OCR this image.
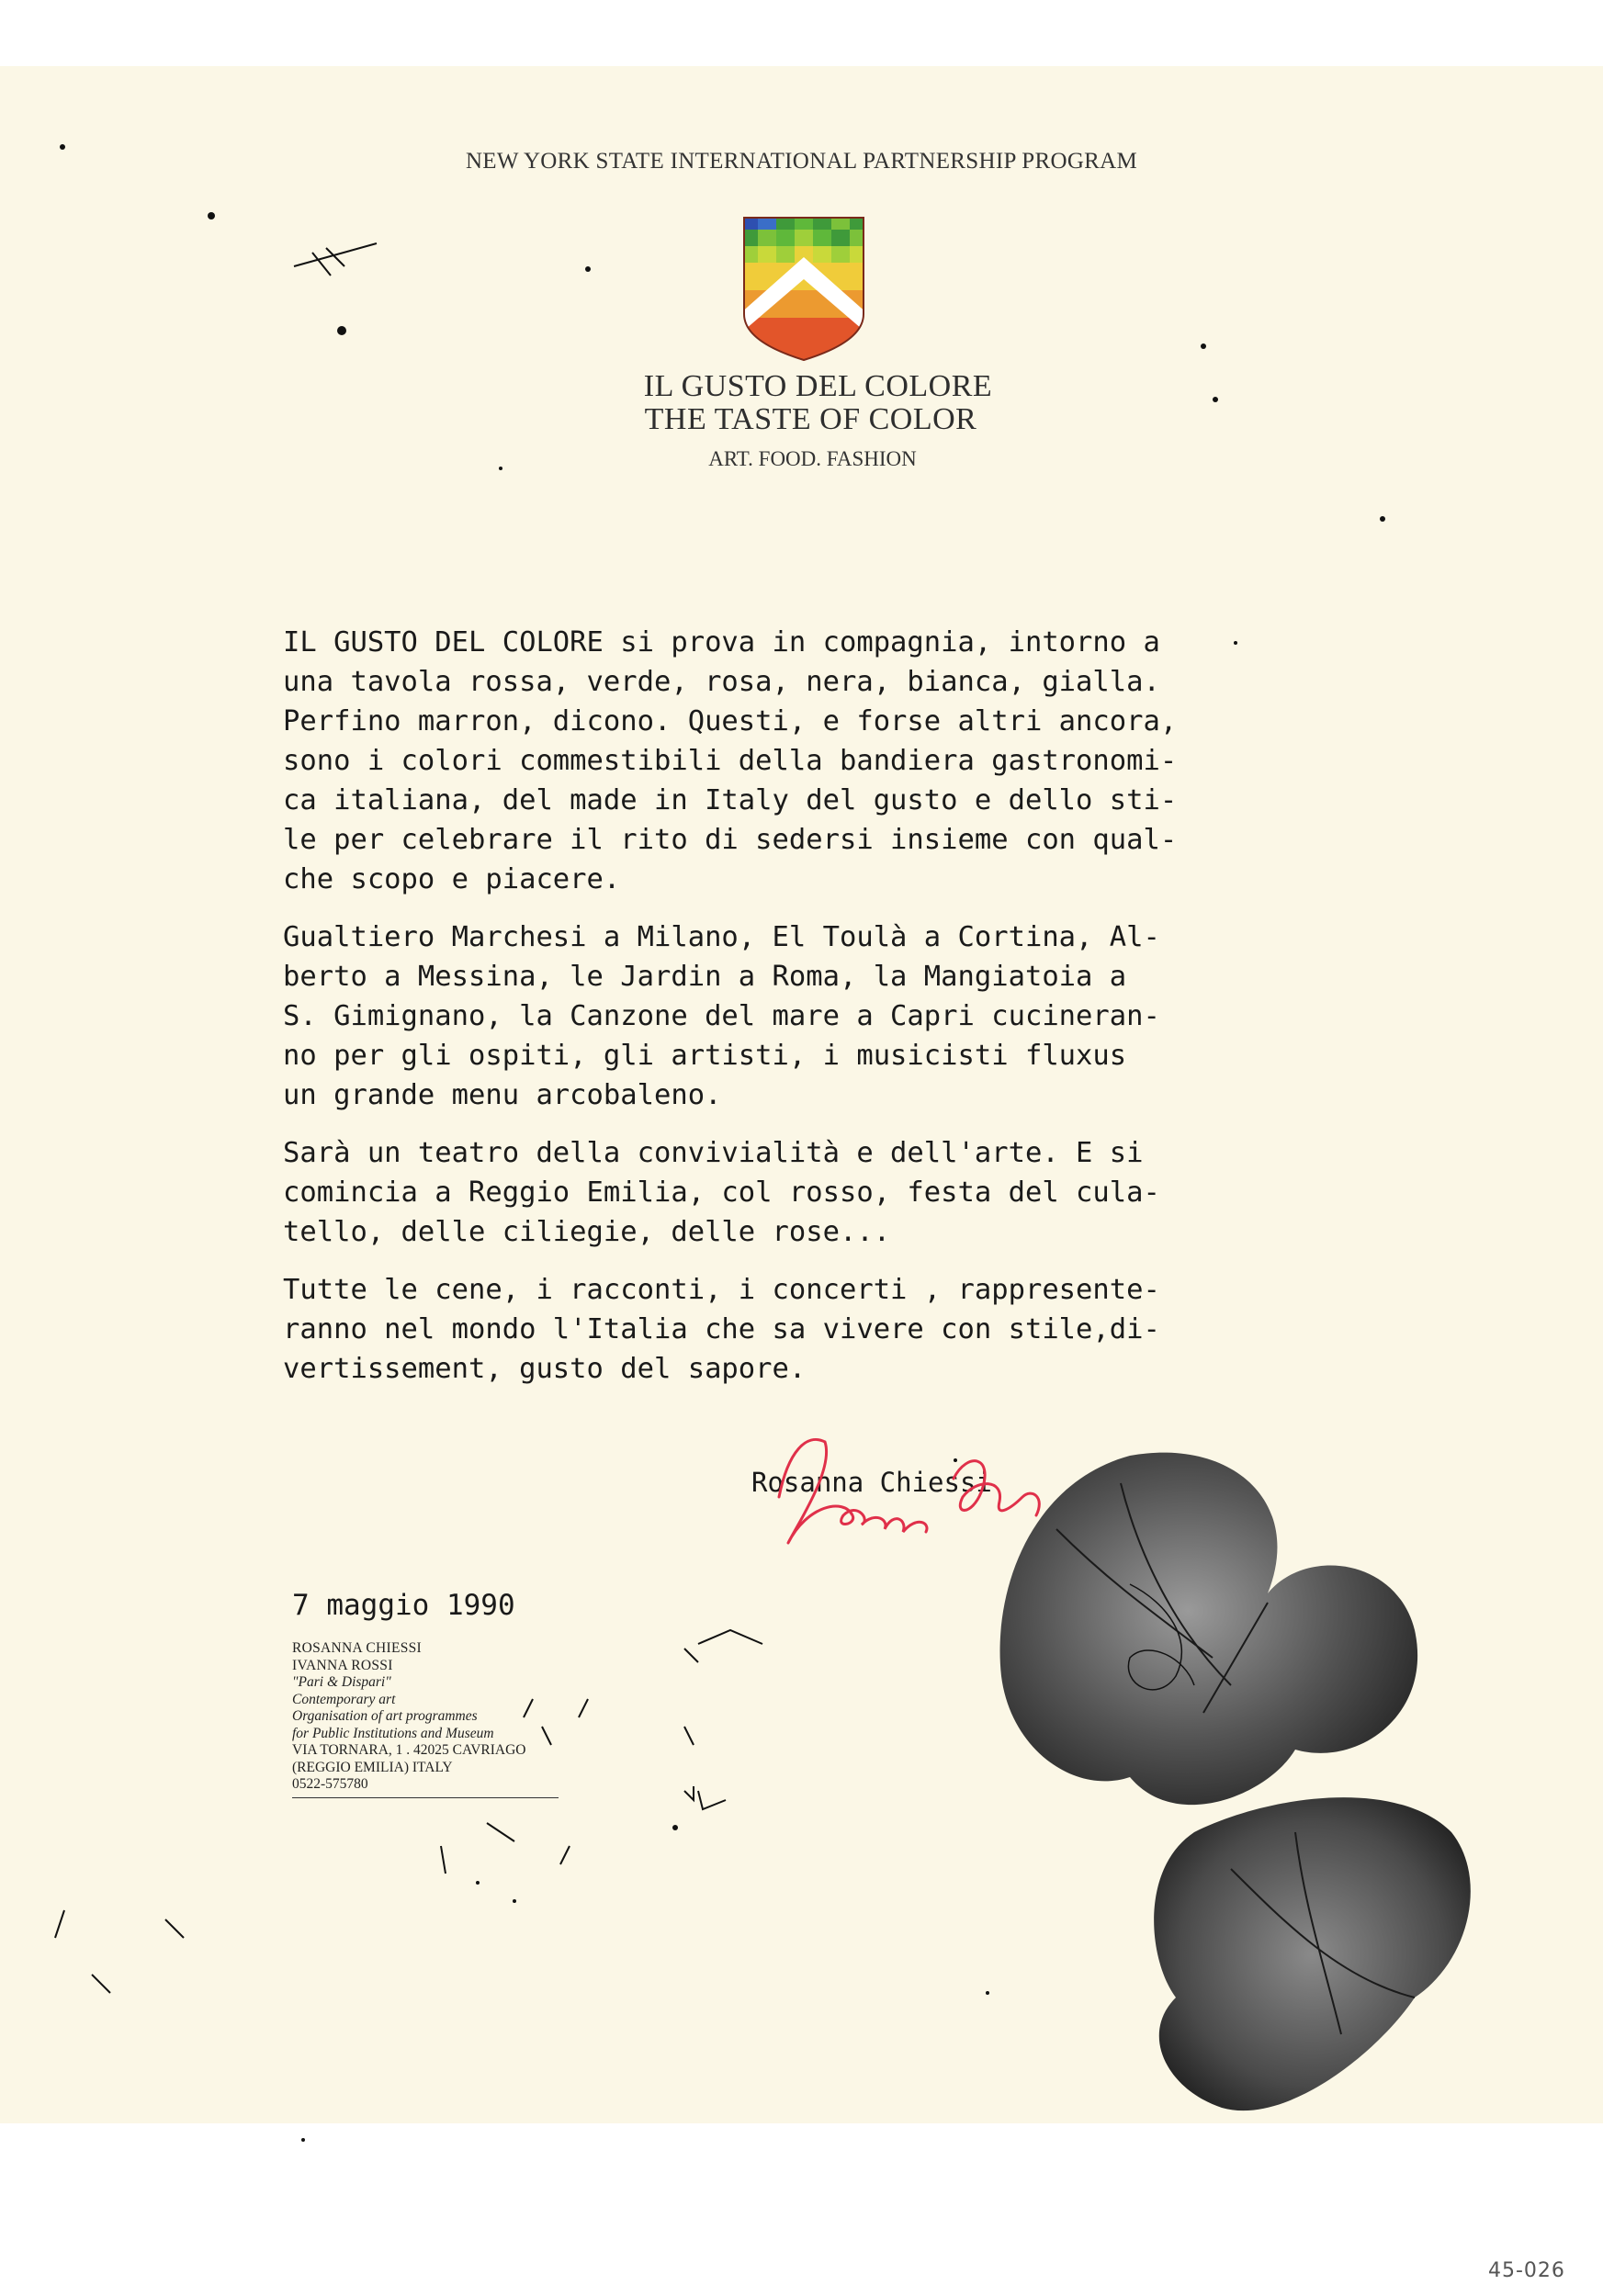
NEW YORK STATE INTERNATIONAL PARTNERSHIP PROGRAM
IL GUSTO DEL COLORE
THE TASTE OF COLOR
ART. FOOD. FASHION

IL GUSTO DEL COLORE si prova in compagnia, intorno a
una tavola rossa, verde, rosa, nera, bianca, gialla.
Perfino marron, dicono. Questi, e forse altri ancora,
sono i colori commestibili della bandiera gastronomi-
ca italiana, del made in Italy del gusto e dello sti-
le per celebrare il rito di sedersi insieme con qual-
che scopo e piacere.

Gualtiero Marchesi a Milano, El Toulà a Cortina, Al-
berto a Messina, le Jardin a Roma, la Mangiatoia a
S. Gimignano, la Canzone del mare a Capri cucineran-
no per gli ospiti, gli artisti, i musicisti fluxus
un grande menu arcobaleno.

Sarà un teatro della convivialità e dell'arte. E si
comincia a Reggio Emilia, col rosso, festa del cula-
tello, delle ciliegie, delle rose...

Tutte le cene, i racconti, i concerti , rappresente-
ranno nel mondo l'Italia che sa vivere con stile,di-
vertissement, gusto del sapore.

Rosanna Chiessi
7 maggio 1990
ROSANNA CHIESSI
IVANNA ROSSI
"Pari & Dispari"
Contemporary art
Organisation of art programmes
for Public Institutions and Museum
VIA TORNARA, 1 . 42025 CAVRIAGO
(REGGIO EMILIA) ITALY
0522-575780
45-026
